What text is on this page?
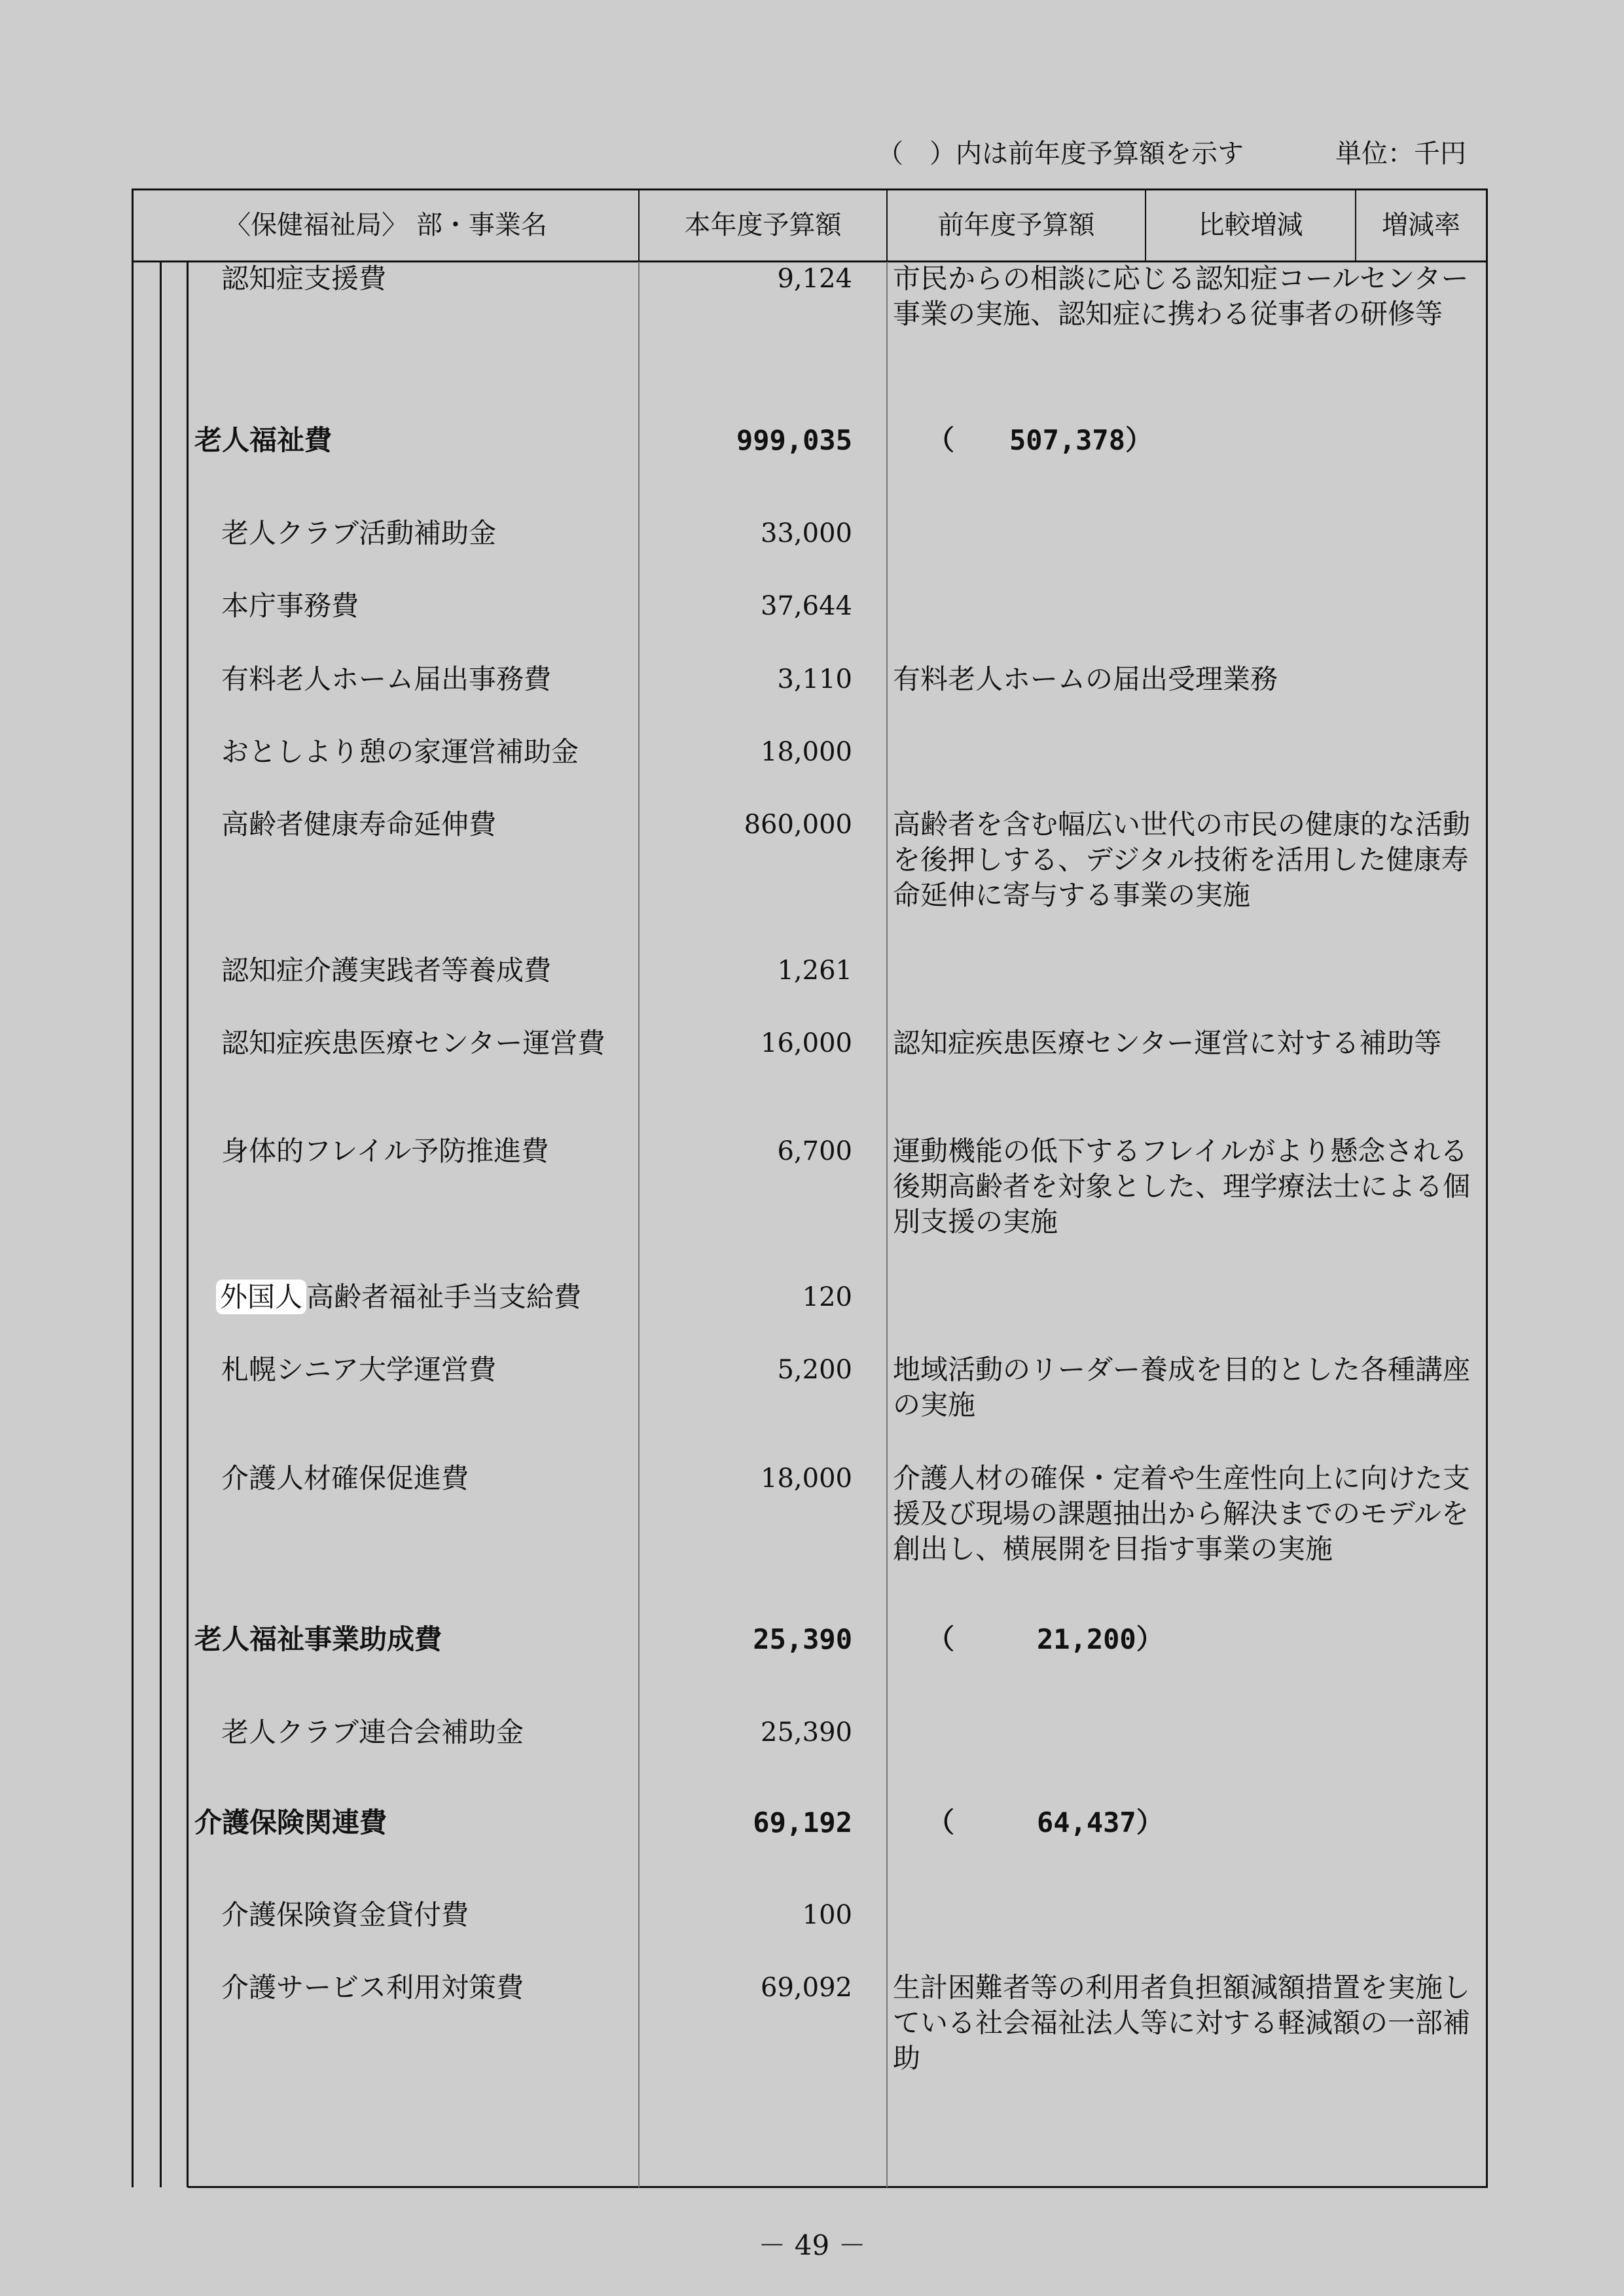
（　）内は前年度予算額を示す	単位：千円
〈保健福祉局〉 部・事業名	本年度予算額	前年度予算額	比較増減	増減率
認知症支援費	9,124 市民からの相談に応じる認知症コールセンター事業の実施、認知症に携わる従事者の研修等
老人福祉費	999,035	（　　507,378）
老人クラブ活動補助金	33,000
本庁事務費	37,644
有料老人ホーム届出事務費	3,110 有料老人ホームの届出受理業務
おとしより憩の家運営補助金	18,000
高齢者健康寿命延伸費	860,000 高齢者を含む幅広い世代の市民の健康的な活動を後押しする、デジタル技術を活用した健康寿命延伸に寄与する事業の実施
認知症介護実践者等養成費	1,261
認知症疾患医療センター運営費	16,000 認知症疾患医療センター運営に対する補助等
身体的フレイル予防推進費	6,700 運動機能の低下するフレイルがより懸念される後期高齢者を対象とした、理学療法士による個別支援の実施
外国人 高齢者福祉手当支給費	120
札幌シニア大学運営費	5,200 地域活動のリーダー養成を目的とした各種講座の実施
介護人材確保促進費	18,000 介護人材の確保・定着や生産性向上に向けた支援及び現場の課題抽出から解決までのモデルを創出し、横展開を目指す事業の実施
老人福祉事業助成費	25,390	（　　　21,200）
老人クラブ連合会補助金	25,390
介護保険関連費	69,192	（　　　64,437）
介護保険資金貸付費	100
介護サービス利用対策費	69,092 生計困難者等の利用者負担額減額措置を実施している社会福祉法人等に対する軽減額の一部補助
－ 49 －
